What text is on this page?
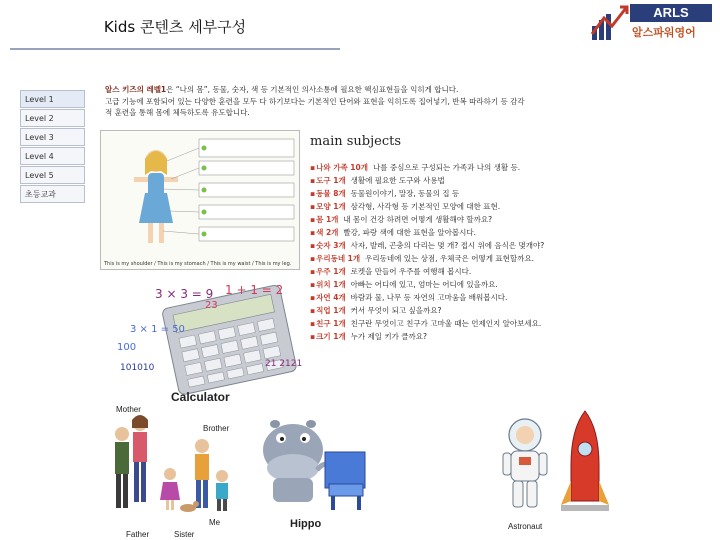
Kids 콘텐츠 세부구성
ARLS
알스파워영어
Level 1
Level 2
Level 3
Level 4
Level 5
초등교과
알스 키즈의 레벨1은 “나의 몸”, 동물, 숫자, 색 등 기본적인 의사소통에 필요한 핵심표현들을 익히게 합니다.
고급 기능에 포함되어 있는 다양한 훈련을 모두 다 하기보다는 기본적인 단어와 표현을 익히도록 집어넣기, 반복 따라하기 등 감각
적 훈련을 통해 몸에 체득하도록 유도합니다.
This is my shoulder / This is my stomach / This is my waist / This is my leg.
main subjects
▪나와 가족 10개 나를 중심으로 구성되는 가족과 나의 생활 등.
▪도구 1개 생활에 필요한 도구와 사용법
▪동물 8개 동물원이야기, 말장, 동물의 집 등
▪모양 1개 삼각형, 사각형 등 기본적인 모양에 대한 표현.
▪몸 1개 내 몸이 건강 하려면 어떻게 생활해야 할까요?
▪색 2개 빨강, 파랑 색에 대한 표현을 알아봅시다.
▪숫자 3개 사자, 발레, 곤충의 다리는 몇 개? 접시 위에 음식은 몇개야?
▪우리동네 1개 우리동네에 있는 상점, 우체국은 어떻게 표현할까요.
▪우주 1개 로켓을 만들어 우주를 여행해 봅시다.
▪위치 1개 아빠는 어디에 있고, 엄마는 어디에 있을까요.
▪자연 4개 바람과 물, 나무 등 자연의 고마움을 배워봅시다.
▪직업 1개 커서 무엇이 되고 싶을까요?
▪친구 1개 친구란 무엇이고 친구가 고마울 때는 언제인지 알아보세요.
▪크기 1개 누가 제일 키가 클까요?
3 × 3 = 9 1 + 1 = 2
3 × 1 = 50
100
101010
23
21 2121
Calculator
Mother
Brother
Father	Sister
Me	Hippo	Astronaut
